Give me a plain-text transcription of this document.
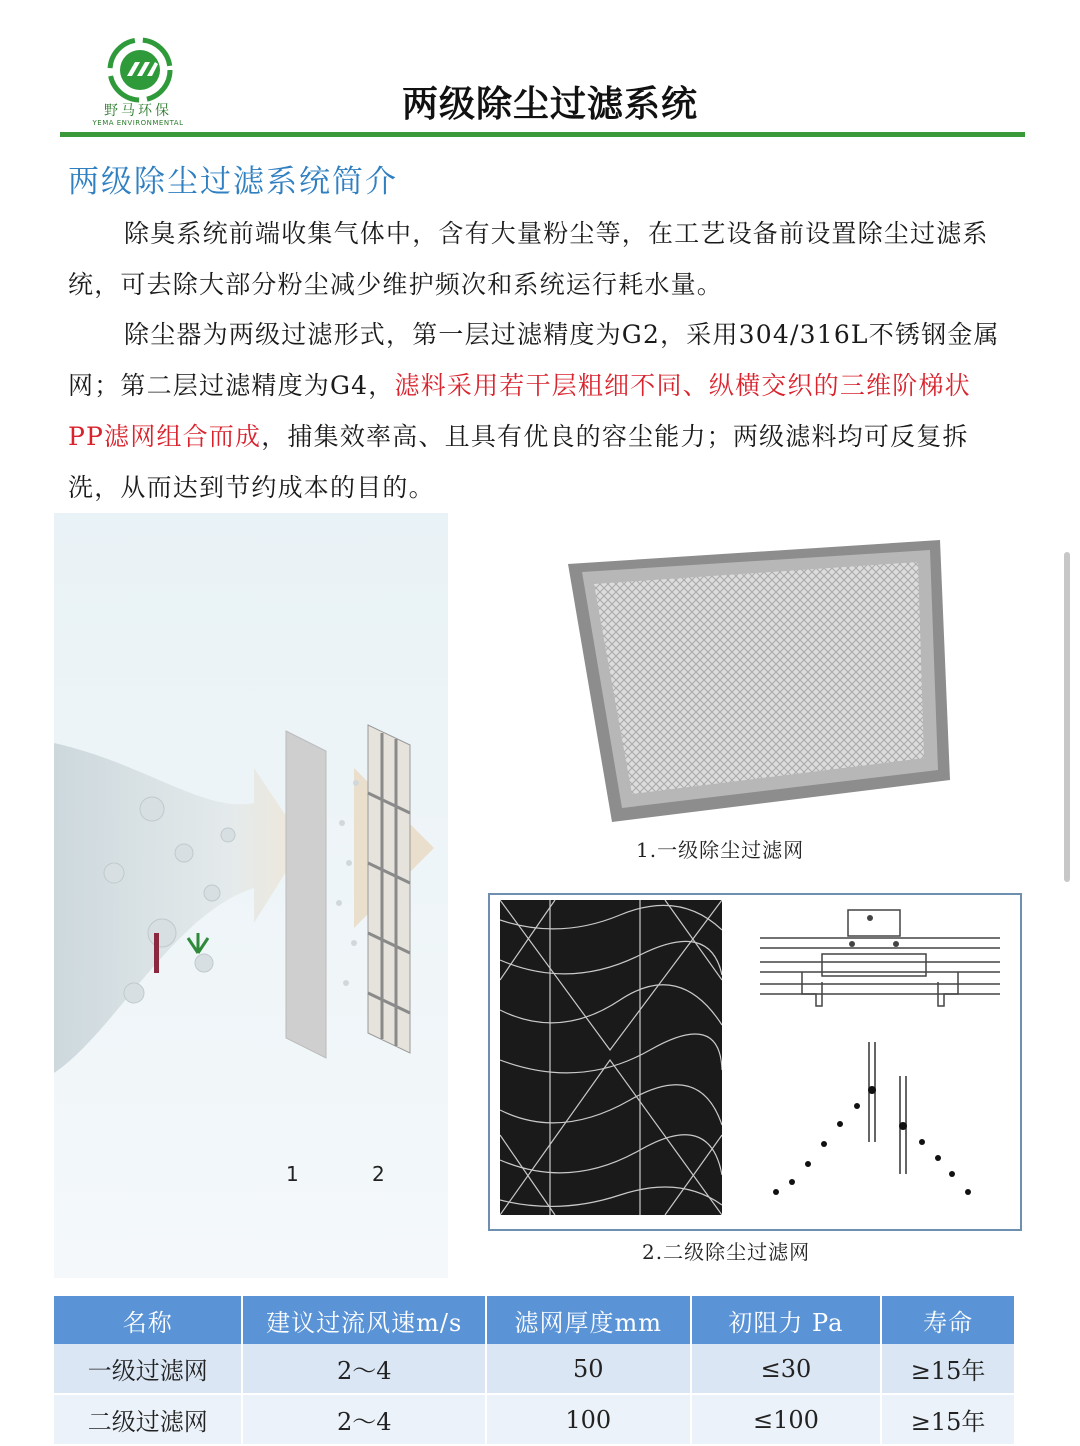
野马环保
YEMA ENVIRONMENTAL	两级除尘过滤系统
两级除尘过滤系统简介
除臭系统前端收集气体中，含有大量粉尘等，在工艺设备前设置除尘过滤系统，可去除大部分粉尘减少维护频次和系统运行耗水量。
除尘器为两级过滤形式，第一层过滤精度为G2，采用304/316L不锈钢金属网；第二层过滤精度为G4，滤料采用若干层粗细不同、纵横交织的三维阶梯状PP滤网组合而成，捕集效率高、且具有优良的容尘能力；两级滤料均可反复拆洗，从而达到节约成本的目的。
1	2
1.一级除尘过滤网
2.二级除尘过滤网
名称	建议过流风速m/s	滤网厚度mm	初阻力 Pa	寿命
一级过滤网	2～4	50	≤30	≥15年
二级过滤网	2～4	100	≤100	≥15年
